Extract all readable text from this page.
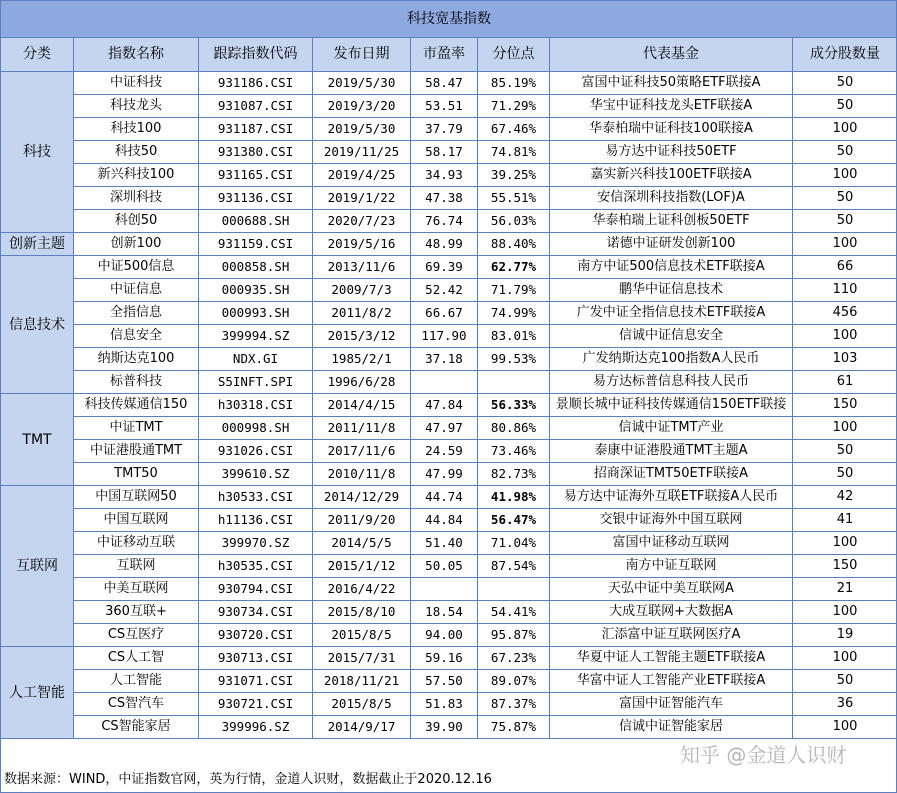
科技宽基指数							
分类	指数名称	跟踪指数代码	发布日期	市盈率	分位点	代表基金	成分股数量
科技	中证科技	931186.CSI	2019/5/30	58.47	85.19%	富国中证科技50策略ETF联接A	50
	科技龙头	931087.CSI	2019/3/20	53.51	71.29%	华宝中证科技龙头ETF联接A	50
	科技100	931187.CSI	2019/5/30	37.79	67.46%	华泰柏瑞中证科技100联接A	100
	科技50	931380.CSI	2019/11/25	58.17	74.81%	易方达中证科技50ETF	50
	新兴科技100	931165.CSI	2019/4/25	34.93	39.25%	嘉实新兴科技100ETF联接A	100
	深圳科技	931136.CSI	2019/1/22	47.38	55.51%	安信深圳科技指数(LOF)A	50
	科创50	000688.SH	2020/7/23	76.74	56.03%	华泰柏瑞上证科创板50ETF	50
创新主题	创新100	931159.CSI	2019/5/16	48.99	88.40%	诺德中证研发创新100	100
信息技术	中证500信息	000858.SH	2013/11/6	69.39	62.77%	南方中证500信息技术ETF联接A	66
	中证信息	000935.SH	2009/7/3	52.42	71.79%	鹏华中证信息技术	110
	全指信息	000993.SH	2011/8/2	66.67	74.99%	广发中证全指信息技术ETF联接A	456
	信息安全	399994.SZ	2015/3/12	117.90	83.01%	信诚中证信息安全	100
	纳斯达克100	NDX.GI	1985/2/1	37.18	99.53%	广发纳斯达克100指数A人民币	103
	标普科技	S5INFT.SPI	1996/6/28			易方达标普信息科技人民币	61
TMT	科技传媒通信150	h30318.CSI	2014/4/15	47.84	56.33%	景顺长城中证科技传媒通信150ETF联接	150
	中证TMT	000998.SH	2011/11/8	47.97	80.86%	信诚中证TMT产业	100
	中证港股通TMT	931026.CSI	2017/11/6	24.59	73.46%	泰康中证港股通TMT主题A	50
	TMT50	399610.SZ	2010/11/8	47.99	82.73%	招商深证TMT50ETF联接A	50
互联网	中国互联网50	h30533.CSI	2014/12/29	44.74	41.98%	易方达中证海外互联ETF联接A人民币	42
	中国互联网	h11136.CSI	2011/9/20	44.84	56.47%	交银中证海外中国互联网	41
	中证移动互联	399970.SZ	2014/5/5	51.40	71.04%	富国中证移动互联网	100
	互联网	h30535.CSI	2015/1/12	50.05	87.54%	南方中证互联网	150
	中美互联网	930794.CSI	2016/4/22			天弘中证中美互联网A	21
	360互联+	930734.CSI	2015/8/10	18.54	54.41%	大成互联网+大数据A	100
	CS互医疗	930720.CSI	2015/8/5	94.00	95.87%	汇添富中证互联网医疗A	19
人工智能	CS人工智	930713.CSI	2015/7/31	59.16	67.23%	华夏中证人工智能主题ETF联接A	100
	人工智能	931071.CSI	2018/11/21	57.50	89.07%	华富中证人工智能产业ETF联接A	50
	CS智汽车	930721.CSI	2015/8/5	51.83	87.37%	富国中证智能汽车	36
	CS智能家居	399996.SZ	2014/9/17	39.90	75.87%	信诚中证智能家居	100
数据来源：WIND，中证指数官网，英为行情，金道人识财，数据截止于2020.12.16
知乎 @金道人识财
